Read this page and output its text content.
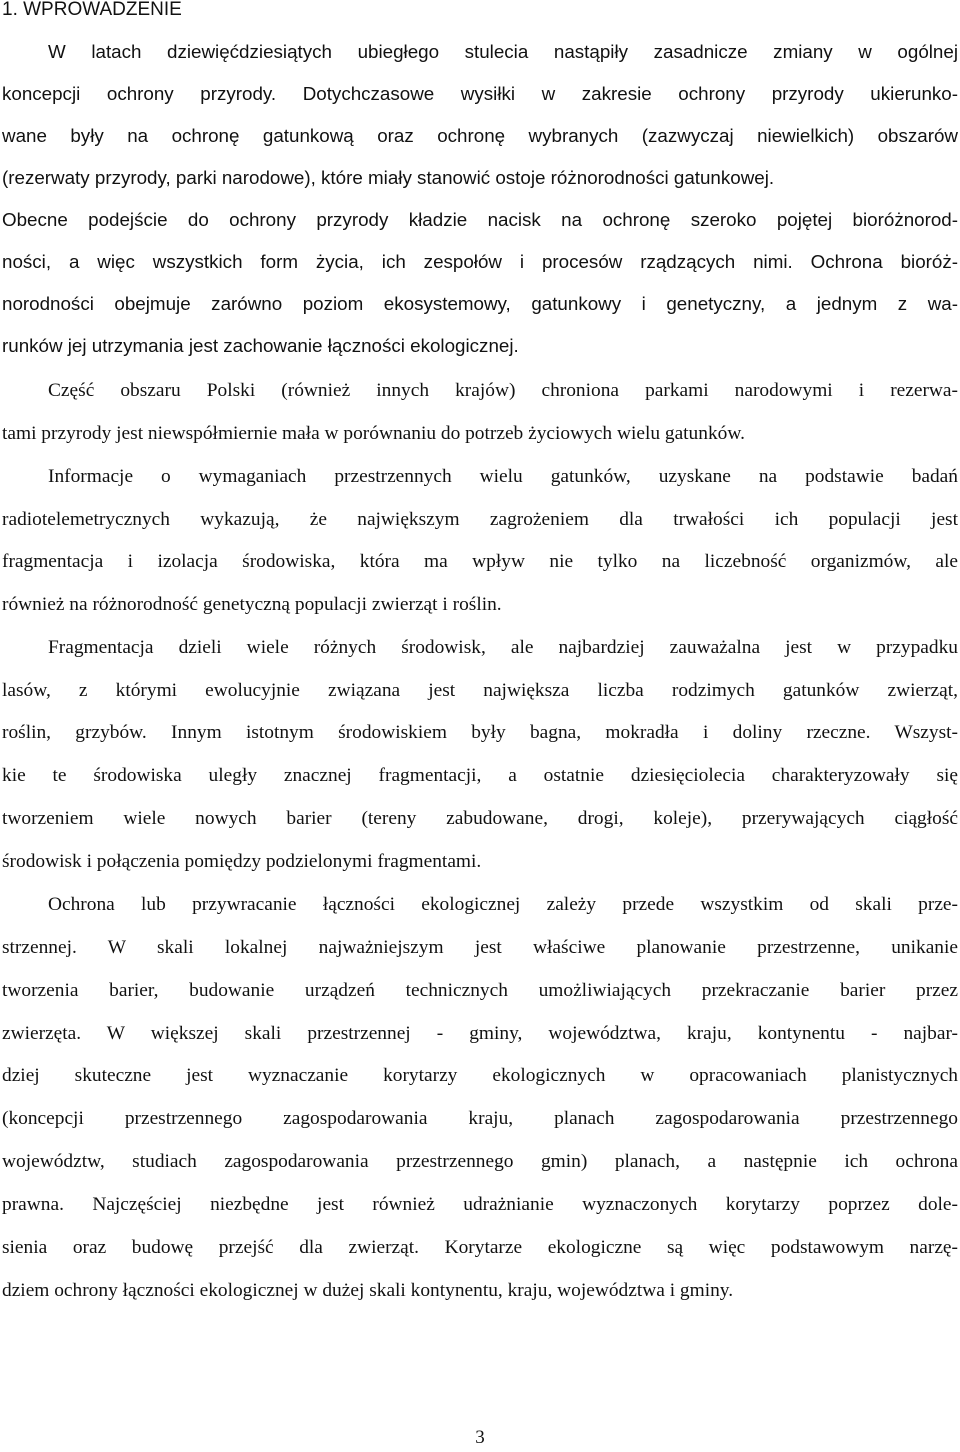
1. WPROWADZENIE

W latach dziewięćdziesiątych ubiegłego stulecia nastąpiły zasadnicze zmiany w ogólnej

koncepcji ochrony przyrody. Dotychczasowe wysiłki w zakresie ochrony przyrody ukierunko-

wane były na ochronę gatunkową oraz ochronę wybranych (zazwyczaj niewielkich) obszarów

(rezerwaty przyrody, parki narodowe), które miały stanowić ostoje różnorodności gatunkowej.

Obecne podejście do ochrony przyrody kładzie nacisk na ochronę szeroko pojętej bioróżnorod-

ności, a więc wszystkich form życia, ich zespołów i procesów rządzących nimi. Ochrona bioróż-

norodności obejmuje zarówno poziom ekosystemowy, gatunkowy i genetyczny, a jednym z wa-

runków jej utrzymania jest zachowanie łączności ekologicznej.

Część obszaru Polski (również innych krajów) chroniona parkami narodowymi i rezerwa-

tami przyrody jest niewspółmiernie mała w porównaniu do potrzeb życiowych wielu gatunków.

Informacje o wymaganiach przestrzennych wielu gatunków, uzyskane na podstawie badań

radiotelemetrycznych wykazują, że największym zagrożeniem dla trwałości ich populacji jest

fragmentacja i izolacja środowiska, która ma wpływ nie tylko na liczebność organizmów, ale

również na różnorodność genetyczną populacji zwierząt i roślin.

Fragmentacja dzieli wiele różnych środowisk, ale najbardziej zauważalna jest w przypadku

lasów, z którymi ewolucyjnie związana jest największa liczba rodzimych gatunków zwierząt,

roślin, grzybów. Innym istotnym środowiskiem były bagna, mokradła i doliny rzeczne. Wszyst-

kie te środowiska uległy znacznej fragmentacji, a ostatnie dziesięciolecia charakteryzowały się

tworzeniem wiele nowych barier (tereny zabudowane, drogi, koleje), przerywających ciągłość

środowisk i połączenia pomiędzy podzielonymi fragmentami.

Ochrona lub przywracanie łączności ekologicznej zależy przede wszystkim od skali prze-

strzennej. W skali lokalnej najważniejszym jest właściwe planowanie przestrzenne, unikanie

tworzenia barier, budowanie urządzeń technicznych umożliwiających przekraczanie barier przez

zwierzęta. W większej skali przestrzennej - gminy, województwa, kraju, kontynentu - najbar-

dziej skuteczne jest wyznaczanie korytarzy ekologicznych w opracowaniach planistycznych

(koncepcji przestrzennego zagospodarowania kraju, planach zagospodarowania przestrzennego

województw, studiach zagospodarowania przestrzennego gmin) planach, a następnie ich ochrona

prawna. Najczęściej niezbędne jest również udrażnianie wyznaczonych korytarzy poprzez dole-

sienia oraz budowę przejść dla zwierząt. Korytarze ekologiczne są więc podstawowym narzę-

dziem ochrony łączności ekologicznej w dużej skali kontynentu, kraju, województwa i gminy.

3
